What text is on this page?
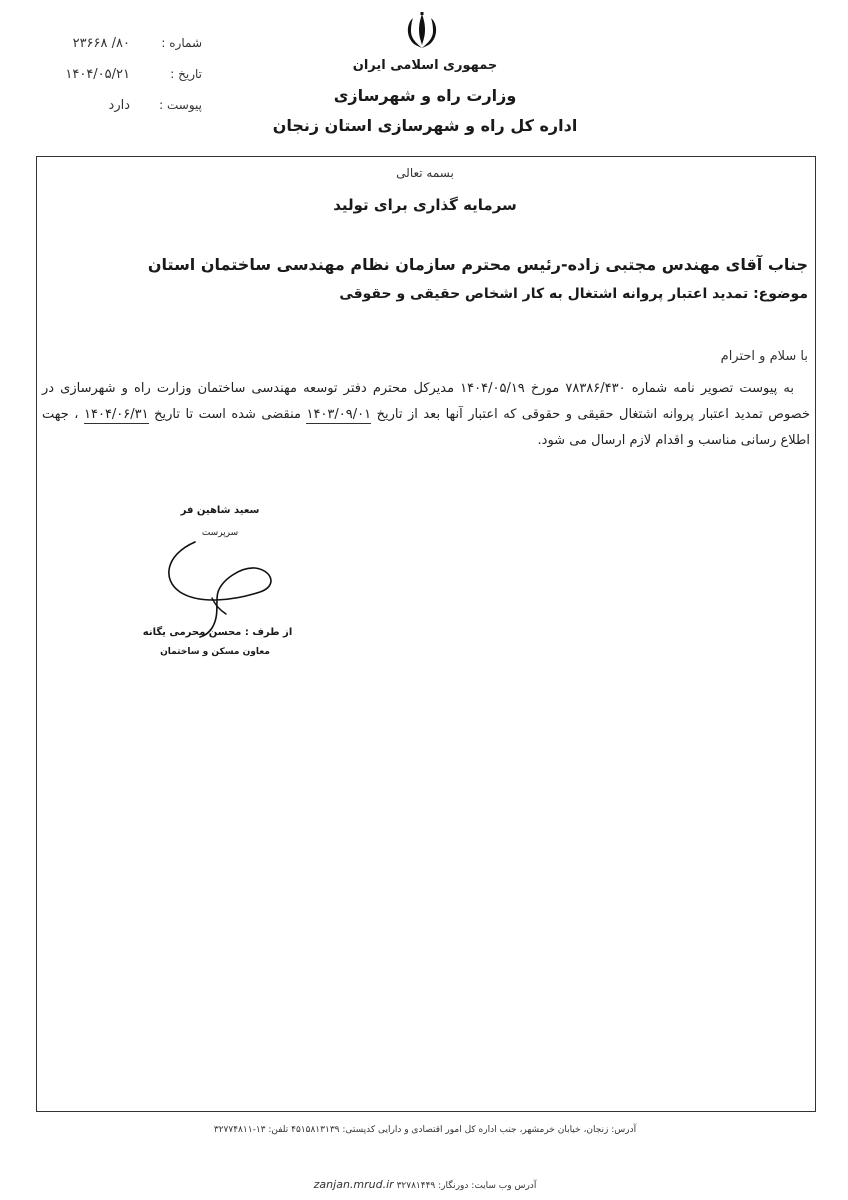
جمهوری اسلامی ایران
وزارت راه و شهرسازی
اداره کل راه و شهرسازی استان زنجان
شماره :
۸۰/ ۲۳۶۶۸
تاریخ :
۱۴۰۴/۰۵/۲۱
پیوست :
دارد
بسمه تعالی
سرمایه گذاری برای تولید
جناب آقای مهندس مجتبی زاده-رئیس محترم سازمان نظام مهندسی ساختمان استان
موضوع: تمدید اعتبار پروانه اشتغال به کار اشخاص حقیقی و حقوقی
با سلام و احترام

به پیوست تصویر نامه شماره ۷۸۳۸۶/۴۳۰ مورخ ۱۴۰۴/۰۵/۱۹ مدیرکل محترم دفتر توسعه مهندسی ساختمان وزارت راه و شهرسازی در خصوص تمدید اعتبار پروانه اشتغال حقیقی و حقوقی که اعتبار آنها بعد از تاریخ ۱۴۰۳/۰۹/۰۱ منقضی شده است تا تاریخ ۱۴۰۴/۰۶/۳۱ ، جهت اطلاع رسانی مناسب و اقدام لازم ارسال می شود.

سعید شاهین فر
سرپرست
از طرف : محسن محرمی یگانه
معاون مسکن و ساختمان
آدرس: زنجان، خیابان خرمشهر، جنب اداره کل امور اقتصادی و دارایی کدپستی: ۴۵۱۵۸۱۳۱۳۹ تلفن: ۱۳-۳۲۷۷۴۸۱۱
zanjan.mrud.ir	آدرس وب سایت: دورنگار: ۳۲۷۸۱۴۴۹
